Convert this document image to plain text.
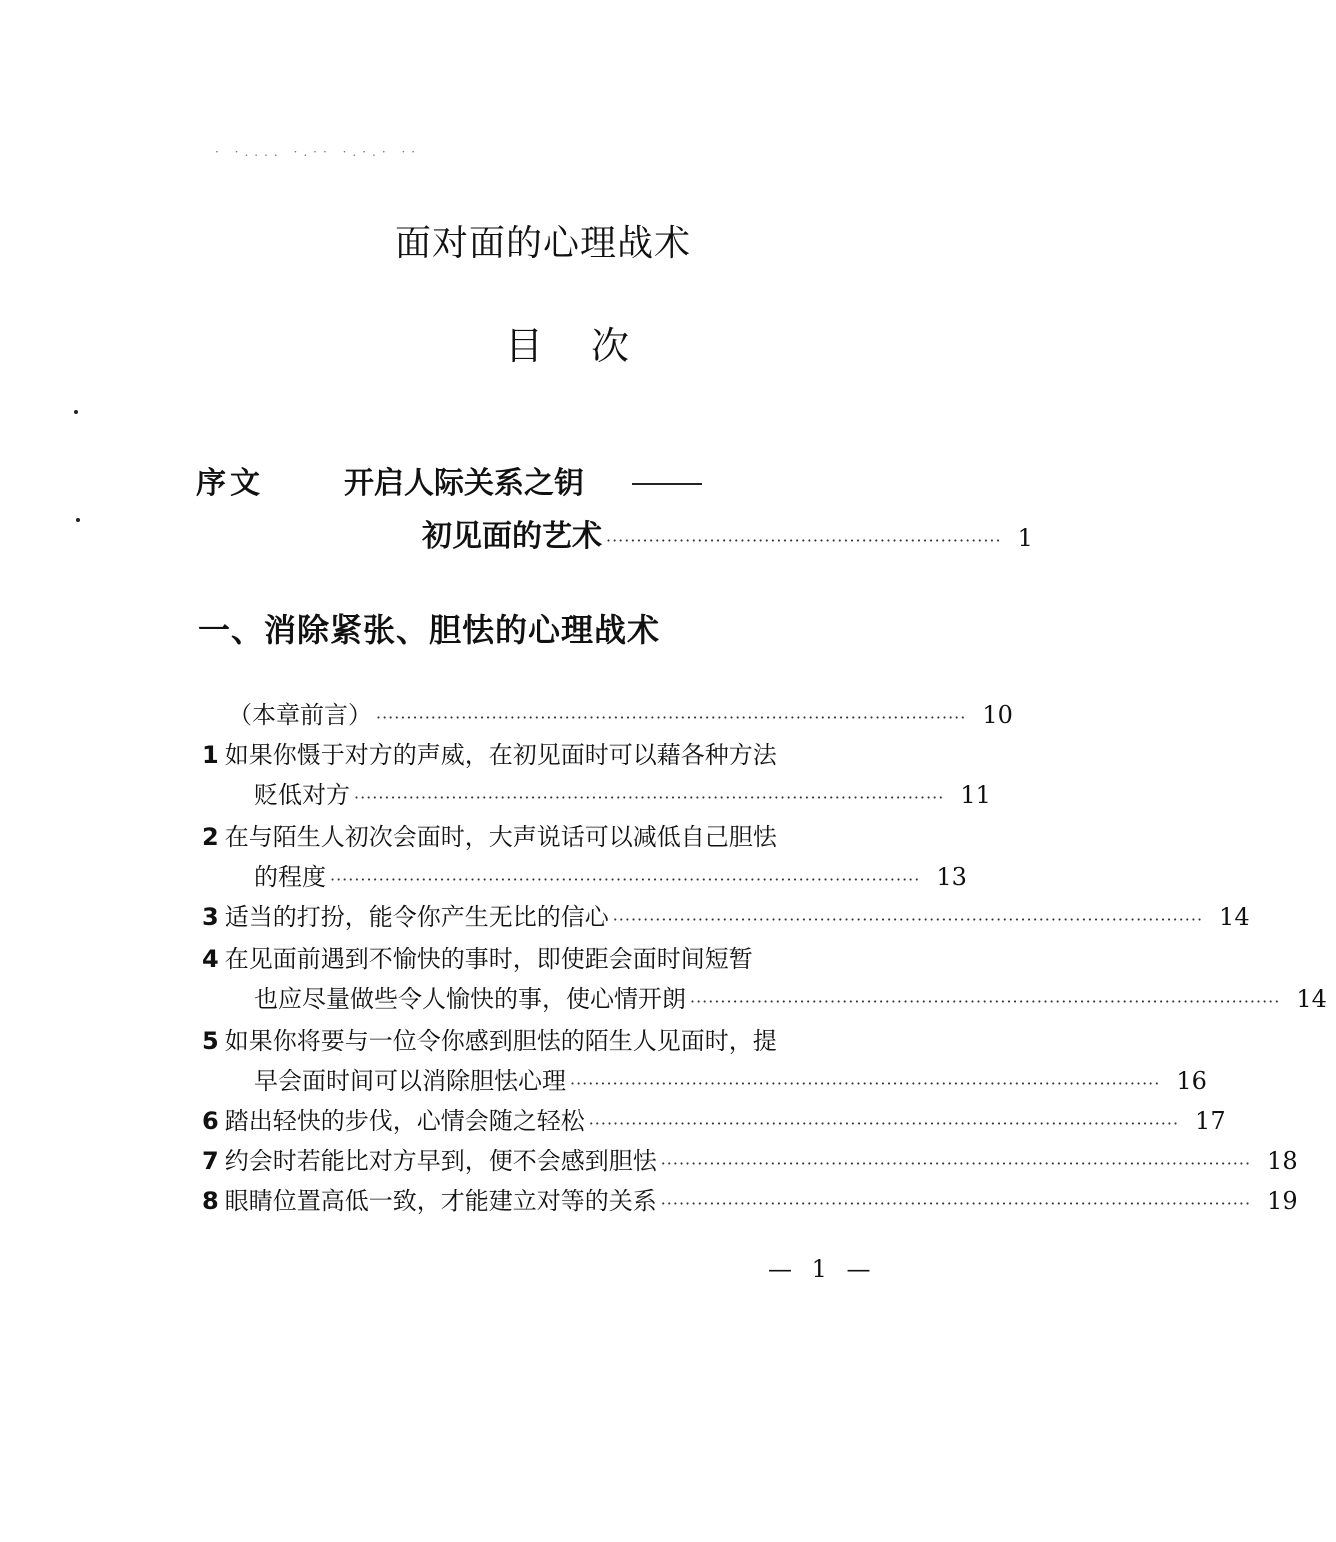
· ·.... ·.·· ·.·.· ··
面对面的心理战术
目次
序文	开启人际关系之钥
初见面的艺术 ································································· 1
一、消除紧张、胆怯的心理战术
（本章前言） ································································································· 10
1 如果你慑于对方的声威，在初见面时可以藉各种方法
贬低对方 ································································································· 11
2 在与陌生人初次会面时，大声说话可以减低自己胆怯
的程度 ································································································· 13
3 适当的打扮，能令你产生无比的信心 ································································································· 14
4 在见面前遇到不愉快的事时，即使距会面时间短暂
也应尽量做些令人愉快的事，使心情开朗 ································································································· 14
5 如果你将要与一位令你感到胆怯的陌生人见面时，提
早会面时间可以消除胆怯心理 ································································································· 16
6 踏出轻快的步伐，心情会随之轻松 ································································································· 17
7 约会时若能比对方早到，便不会感到胆怯 ································································································· 18
8 眼睛位置高低一致，才能建立对等的关系 ································································································· 19
— 1 —
